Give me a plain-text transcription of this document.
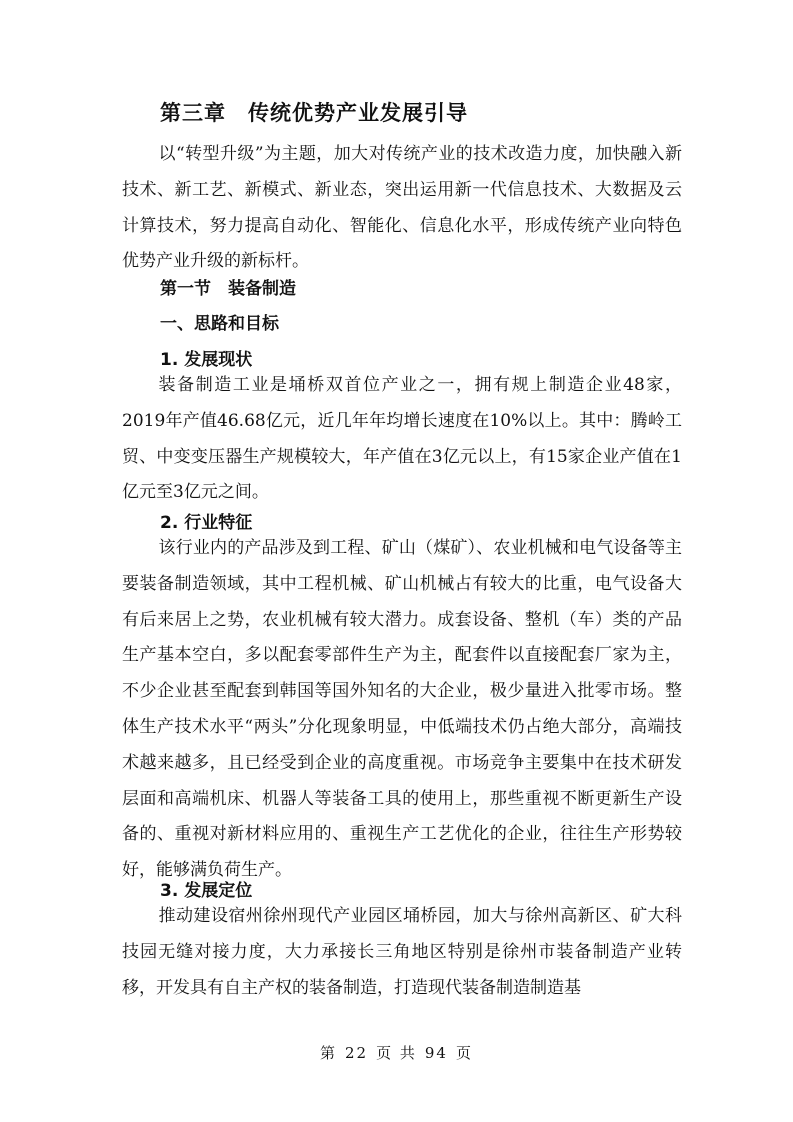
第三章　传统优势产业发展引导

以“转型升级”为主题，加大对传统产业的技术改造力度，加快融入新技术、新工艺、新模式、新业态，突出运用新一代信息技术、大数据及云计算技术，努力提高自动化、智能化、信息化水平，形成传统产业向特色优势产业升级的新标杆。

第一节　装备制造
一、思路和目标
1. 发展现状

装备制造工业是埇桥双首位产业之一，拥有规上制造企业48家，2019年产值46.68亿元，近几年年均增长速度在10%以上。其中：腾岭工贸、中变变压器生产规模较大，年产值在3亿元以上，有15家企业产值在1亿元至3亿元之间。

2. 行业特征

该行业内的产品涉及到工程、矿山（煤矿）、农业机械和电气设备等主要装备制造领域，其中工程机械、矿山机械占有较大的比重，电气设备大有后来居上之势，农业机械有较大潜力。成套设备、整机（车）类的产品生产基本空白，多以配套零部件生产为主，配套件以直接配套厂家为主，不少企业甚至配套到韩国等国外知名的大企业，极少量进入批零市场。整体生产技术水平“两头”分化现象明显，中低端技术仍占绝大部分，高端技术越来越多，且已经受到企业的高度重视。市场竞争主要集中在技术研发层面和高端机床、机器人等装备工具的使用上，那些重视不断更新生产设备的、重视对新材料应用的、重视生产工艺优化的企业，往往生产形势较好，能够满负荷生产。

3. 发展定位

推动建设宿州徐州现代产业园区埇桥园，加大与徐州高新区、矿大科技园无缝对接力度，大力承接长三角地区特别是徐州市装备制造产业转移，开发具有自主产权的装备制造，打造现代装备制造制造基

第 22 页 共 94 页
